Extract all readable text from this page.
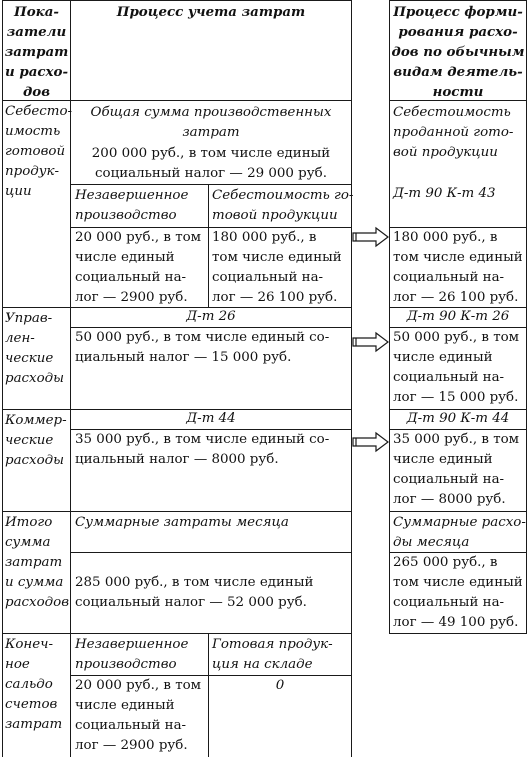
Пока-
затели
затрат
и расхо-
дов
Процесс учета затрат	Процесс форми-
рования расхо-
дов по обычным
видам деятель-
ности
Себесто-
имость
готовой
продук-
ции
Общая сумма производственных
затрат
200 000 руб., в том числе единый
социальный налог — 29 000 руб.
Незавершенное
производство
Себестоимость го-
товой продукции
20 000 руб., в том
числе единый
социальный на-
лог — 2900 руб.
180 000 руб., в
том числе единый
социальный на-
лог — 26 100 руб.
Себестоимость
проданной гото-
вой продукции
Д-т 90 К-т 43
180 000 руб., в
том числе единый
социальный на-
лог — 26 100 руб.
Управ-
лен-
ческие
расходы
Д-т 26
50 000 руб., в том числе единый со-
циальный налог — 15 000 руб.
Д-т 90 К-т 26
50 000 руб., в том
числе единый
социальный на-
лог — 15 000 руб.
Коммер-
ческие
расходы
Д-т 44
35 000 руб., в том числе единый со-
циальный налог — 8000 руб.
Д-т 90 К-т 44
35 000 руб., в том
числе единый
социальный на-
лог — 8000 руб.
Итого
сумма
затрат
и сумма
расходов
Суммарные затраты месяца
285 000 руб., в том числе единый
социальный налог — 52 000 руб.
Суммарные расхо-
ды месяца
265 000 руб., в
том числе единый
социальный на-
лог — 49 100 руб.
Конеч-
ное
сальдо
счетов
затрат
Незавершенное
производство
Готовая продук-
ция на складе
20 000 руб., в том
числе единый
социальный на-
лог — 2900 руб.
0
